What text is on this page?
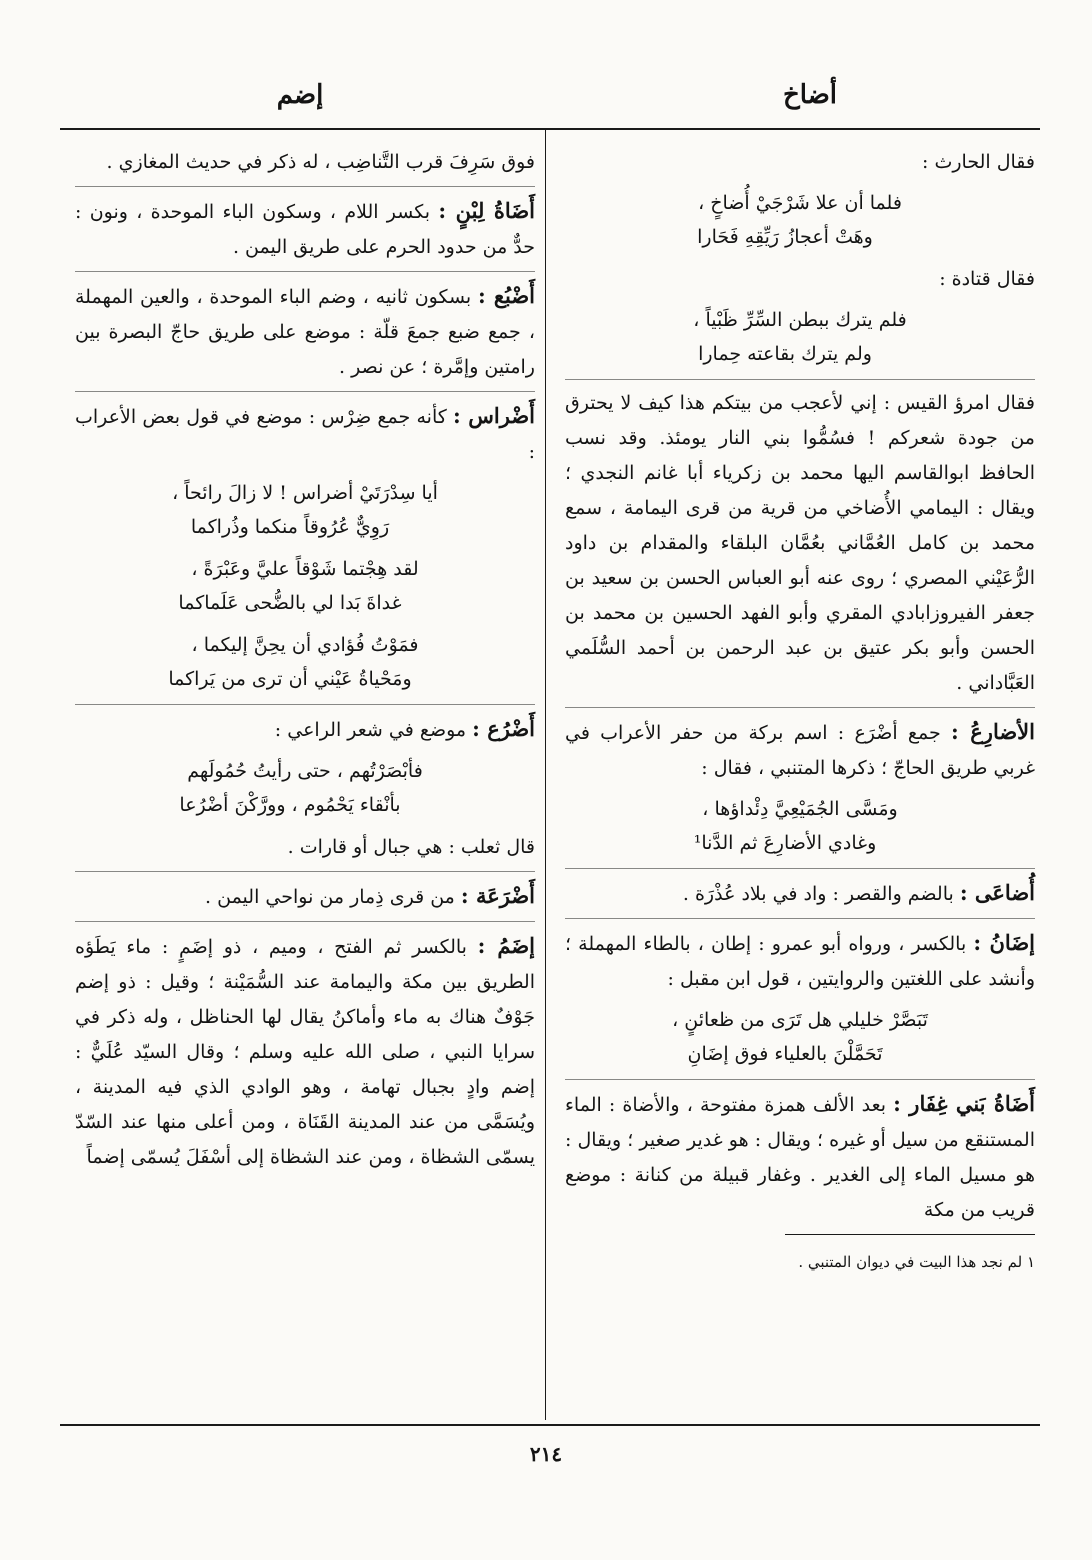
أضاخ
إضم

فقال الحارث :

فلما أن علا شَرْجَيْ أُضاخٍ ،
وهَتْ أعجازُ رَيِّقِهِ فَحَارا

فقال قتادة :

فلم يترك ببطن السِّرِّ ظَبْياً ،
ولم يترك بقاعته حِمارا

فقال امرؤ القيس : إني لأعجب من بيتكم هذا كيف لا يحترق من جودة شعركم ! فسُمُّوا بني النار يومئذ. وقد نسب الحافظ ابوالقاسم اليها محمد بن زكرياء أبا غانم النجدي ؛ ويقال : اليمامي الأُضاخي من قرية من قرى اليمامة ، سمع محمد بن كامل العُمَّاني بعُمَّان البلقاء والمقدام بن داود الرُّعَيْني المصري ؛ روى عنه أبو العباس الحسن بن سعيد بن جعفر الفيروزابادي المقري وأبو الفهد الحسين بن محمد بن الحسن وأبو بكر عتيق بن عبد الرحمن بن أحمد السُّلَمي العَبَّاداني .

الأضارِعُ : جمع أضْرَع : اسم بركة من حفر الأعراب في غربي طريق الحاجّ ؛ ذكرها المتنبي ، فقال :

ومَسَّى الجُمَيْعِيَّ دِئْداؤها ،
وغادي الأضارِعَ ثم الدَّنا¹

أُضاعَى : بالضم والقصر : واد في بلاد عُذْرَة .

إضَانُ : بالكسر ، ورواه أبو عمرو : إطان ، بالطاء المهملة ؛ وأنشد على اللغتين والروايتين ، قول ابن مقبل :

تَبَصَّرْ خليلي هل تَرَى من ظعائنٍ ،
تَحَمَّلْنَ بالعلياء فوق إضَانِ

أَضَاةُ بَني غِفَار : بعد الألف همزة مفتوحة ، والأضاة : الماء المستنقع من سيل أو غيره ؛ ويقال : هو غدير صغير ؛ ويقال : هو مسيل الماء إلى الغدير . وغفار قبيلة من كنانة : موضع قريب من مكة

١ لم نجد هذا البيت في ديوان المتنبي .

فوق سَرِفَ قرب التَّناضِب ، له ذكر في حديث المغازي .

أَضَاةُ لِبْنٍ : بكسر اللام ، وسكون الباء الموحدة ، ونون : حدٌّ من حدود الحرم على طريق اليمن .

أَضْبُع : بسكون ثانيه ، وضم الباء الموحدة ، والعين المهملة ، جمع ضبع جمعَ قلّة : موضع على طريق حاجّ البصرة بين رامتين وإمَّرة ؛ عن نصر .

أَضْراس : كأنه جمع ضِرْس : موضع في قول بعض الأعراب :

أيا سِدْرَتَيْ أضراس ! لا زالَ رائحاً ،
رَوِيٌّ عُرُوقاً منكما وذُراكما
لقد هِجْتما شَوْقاً عليَّ وعَبْرَةً ،
غداةَ بَدا لي بالضُّحى عَلَماكما
فمَوْتُ فُؤادي أن يحِنَّ إليكما ،
ومَحْياةُ عَيْني أن ترى من يَراكما

أَضْرُع : موضع في شعر الراعي :

فأبْصَرْتُهم ، حتى رأيتُ حُمُولَهم
بأنْقاء يَحْمُوم ، وورَّكْنَ أضْرُعا

قال ثعلب : هي جبال أو قارات .

أَضْرَعَة : من قرى ذِمار من نواحي اليمن .

إضَمُ : بالكسر ثم الفتح ، وميم ، ذو إضَمٍ : ماء يَطَؤه الطريق بين مكة واليمامة عند السُّمَيْنة ؛ وقيل : ذو إضم جَوْفٌ هناك به ماء وأماكنُ يقال لها الحناظل ، وله ذكر في سرايا النبي ، صلى الله عليه وسلم ؛ وقال السيّد عُلَيٌّ : إضم وادٍ بجبال تهامة ، وهو الوادي الذي فيه المدينة ، ويُسَمَّى من عند المدينة القَنَاة ، ومن أعلى منها عند السّدّ يسمّى الشظاة ، ومن عند الشظاة إلى أسْفَلَ يُسمّى إضماً

٢١٤
